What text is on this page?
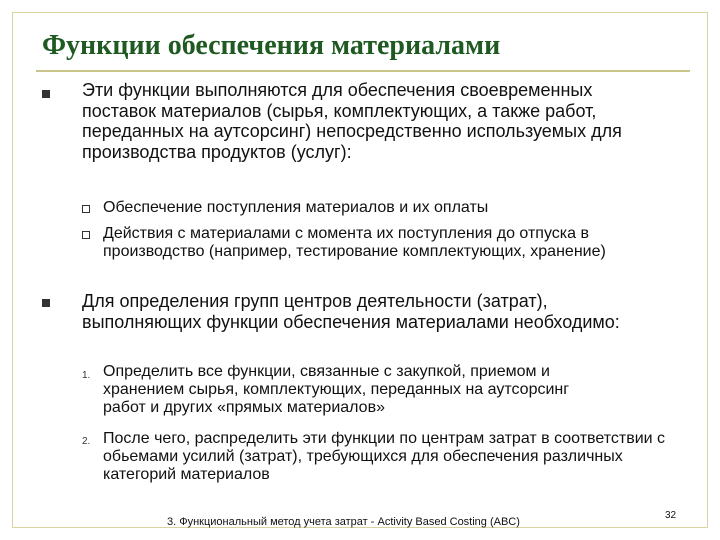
Функции обеспечения материалами
Эти функции выполняются для обеспечения своевременных поставок материалов (сырья, комплектующих, а также работ, переданных на аутсорсинг) непосредственно используемых для производства продуктов (услуг):
Обеспечение поступления материалов и их оплаты
Действия с материалами с момента их поступления до отпуска в производство (например, тестирование комплектующих, хранение)
Для определения групп центров деятельности (затрат), выполняющих функции обеспечения материалами необходимо:
1. Определить все функции, связанные с закупкой, приемом и хранением сырья, комплектующих, переданных на аутсорсинг работ и других «прямых материалов»
2. После чего, распределить эти функции по центрам затрат в соответствии с обьемами усилий (затрат), требующихся для обеспечения различных категорий материалов
3. Функциональный метод учета затрат - Activity Based Costing (ABC)
32
